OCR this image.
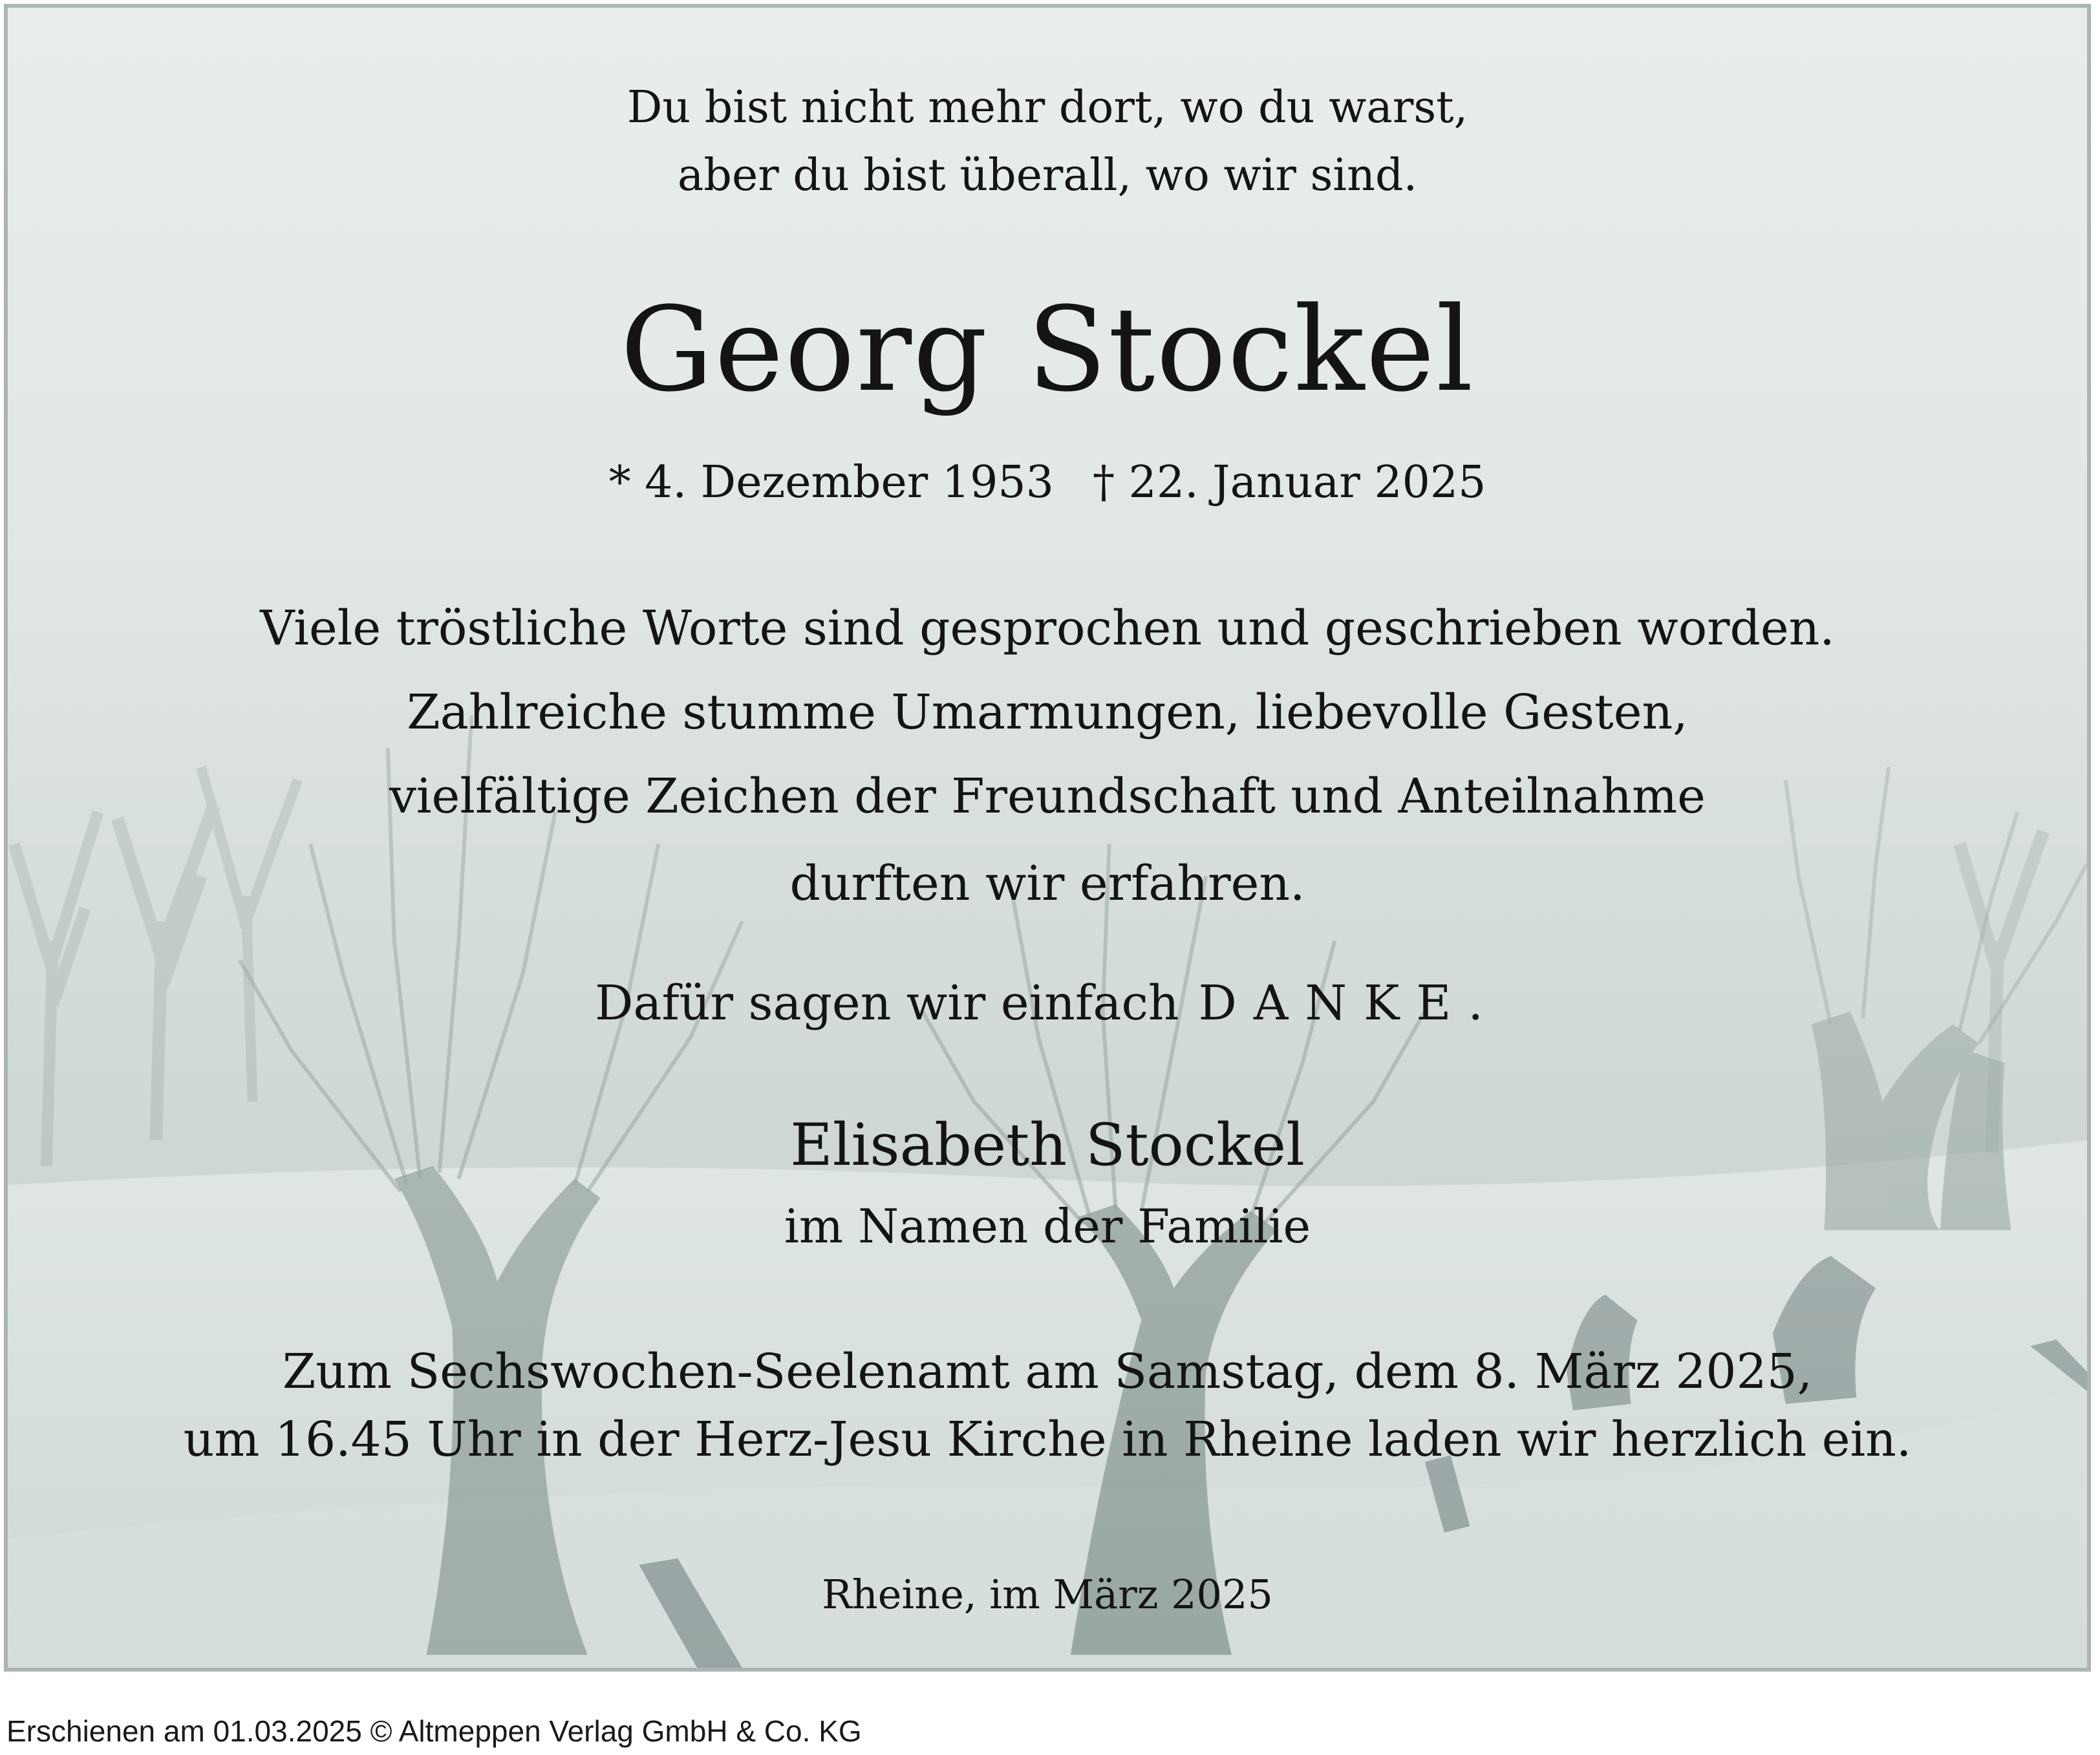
Du bist nicht mehr dort, wo du warst,
aber du bist überall, wo wir sind.
Georg Stockel
* 4. Dezember 1953 † 22. Januar 2025
Viele tröstliche Worte sind gesprochen und geschrieben worden.
Zahlreiche stumme Umarmungen, liebevolle Gesten,
vielfältige Zeichen der Freundschaft und Anteilnahme
durften wir erfahren.
Dafür sagen wir einfach DANKE.
Elisabeth Stockel
im Namen der Familie
Zum Sechswochen-Seelenamt am Samstag, dem 8. März 2025,
um 16.45 Uhr in der Herz-Jesu Kirche in Rheine laden wir herzlich ein.
Rheine, im März 2025
Erschienen am 01.03.2025 © Altmeppen Verlag GmbH & Co. KG
